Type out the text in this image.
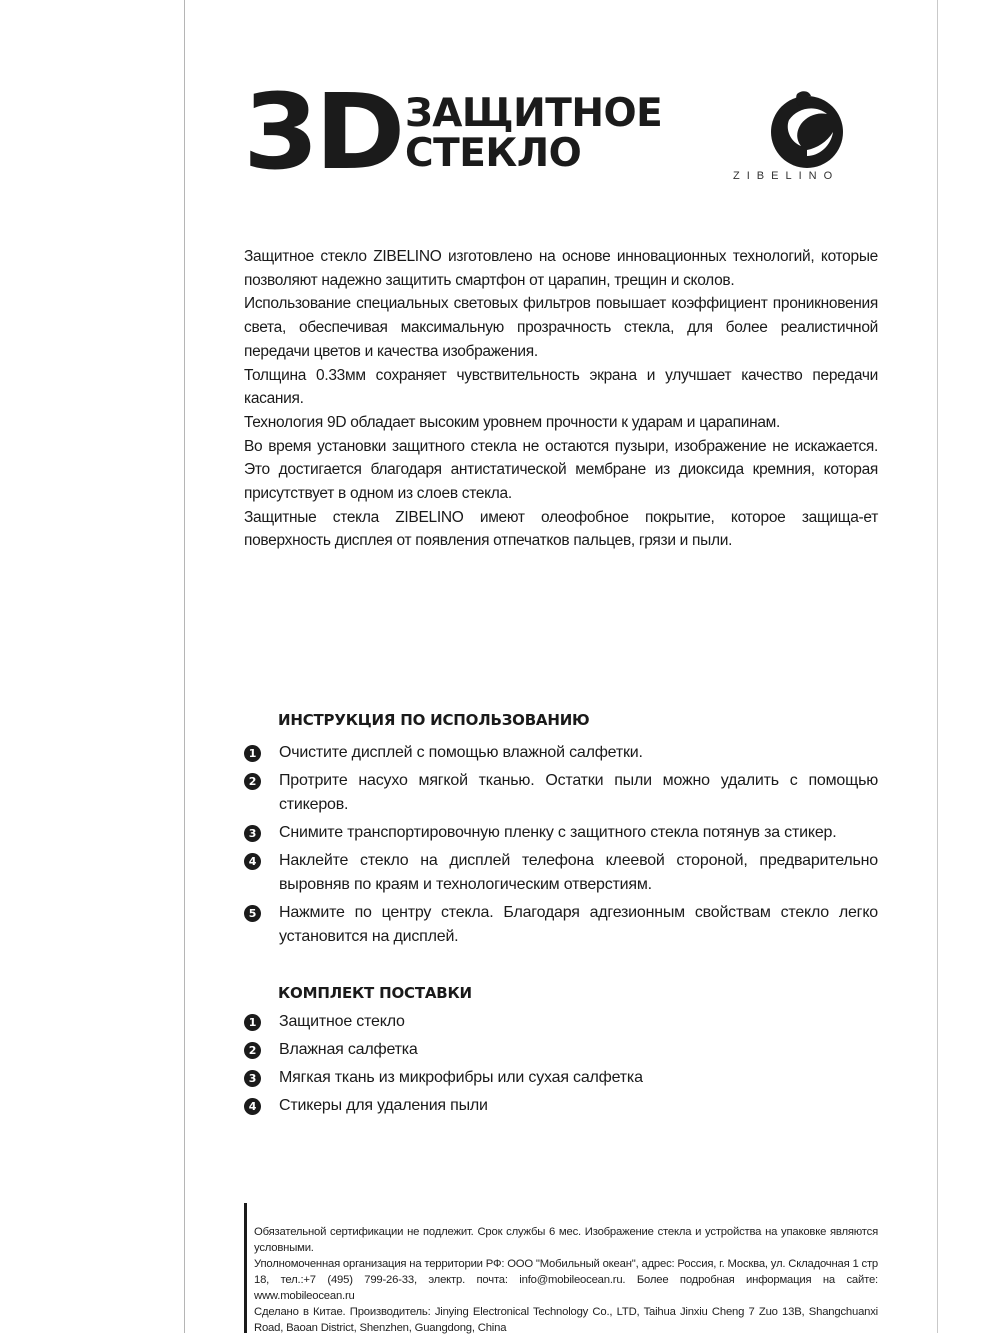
3D ЗАЩИТНОЕ
СТЕКЛО	ZIBELINO

Защитное стекло ZIBELINO изготовлено на основе инновационных технологий, которые позволяют надежно защитить смартфон от царапин, трещин и сколов.

Использование специальных световых фильтров повышает коэффициент проникновения света, обеспечивая максимальную прозрачность стекла, для более реалистичной передачи цветов и качества изображения.

Толщина 0.33мм сохраняет чувствительность экрана и улучшает качество передачи касания.

Технология 9D обладает высоким уровнем прочности к ударам и царапинам.

Во время установки защитного стекла не остаются пузыри, изображение не искажается. Это достигается благодаря антистатической мембране из диоксида кремния, которая присутствует в одном из слоев стекла.

Защитные стекла ZIBELINO имеют олеофобное покрытие, которое защища-ет поверхность дисплея от появления отпечатков пальцев, грязи и пыли.

ИНСТРУКЦИЯ ПО ИСПОЛЬЗОВАНИЮ
1 Очистите дисплей с помощью влажной салфетки.
2 Протрите насухо мягкой тканью. Остатки пыли можно удалить с помощью стикеров.
3 Снимите транспортировочную пленку с защитного стекла потянув за стикер.
4 Наклейте стекло на дисплей телефона клеевой стороной, предварительно выровняв по краям и технологическим отверстиям.
5 Нажмите по центру стекла. Благодаря адгезионным свойствам стекло легко установится на дисплей.
КОМПЛЕКТ ПОСТАВКИ
1 Защитное стекло
2 Влажная салфетка
3 Мягкая ткань из микрофибры или сухая салфетка
4 Стикеры для удаления пыли

Обязательной сертификации не подлежит. Срок службы 6 мес. Изображение стекла и устройства на упаковке являются условными.

Уполномоченная организация на территории РФ: ООО "Мобильный океан", адрес: Россия, г. Москва, ул. Складочная 1 стр 18, тел.:+7 (495) 799-26-33, электр. почта: info@mobileocean.ru. Более подробная информация на сайте: www.mobileocean.ru

Сделано в Китае. Производитель: Jinying Electronical Technology Co., LTD, Taihua Jinxiu Cheng 7 Zuo 13B, Shangchuanxi Road, Baoan District, Shenzhen, Guangdong, China
